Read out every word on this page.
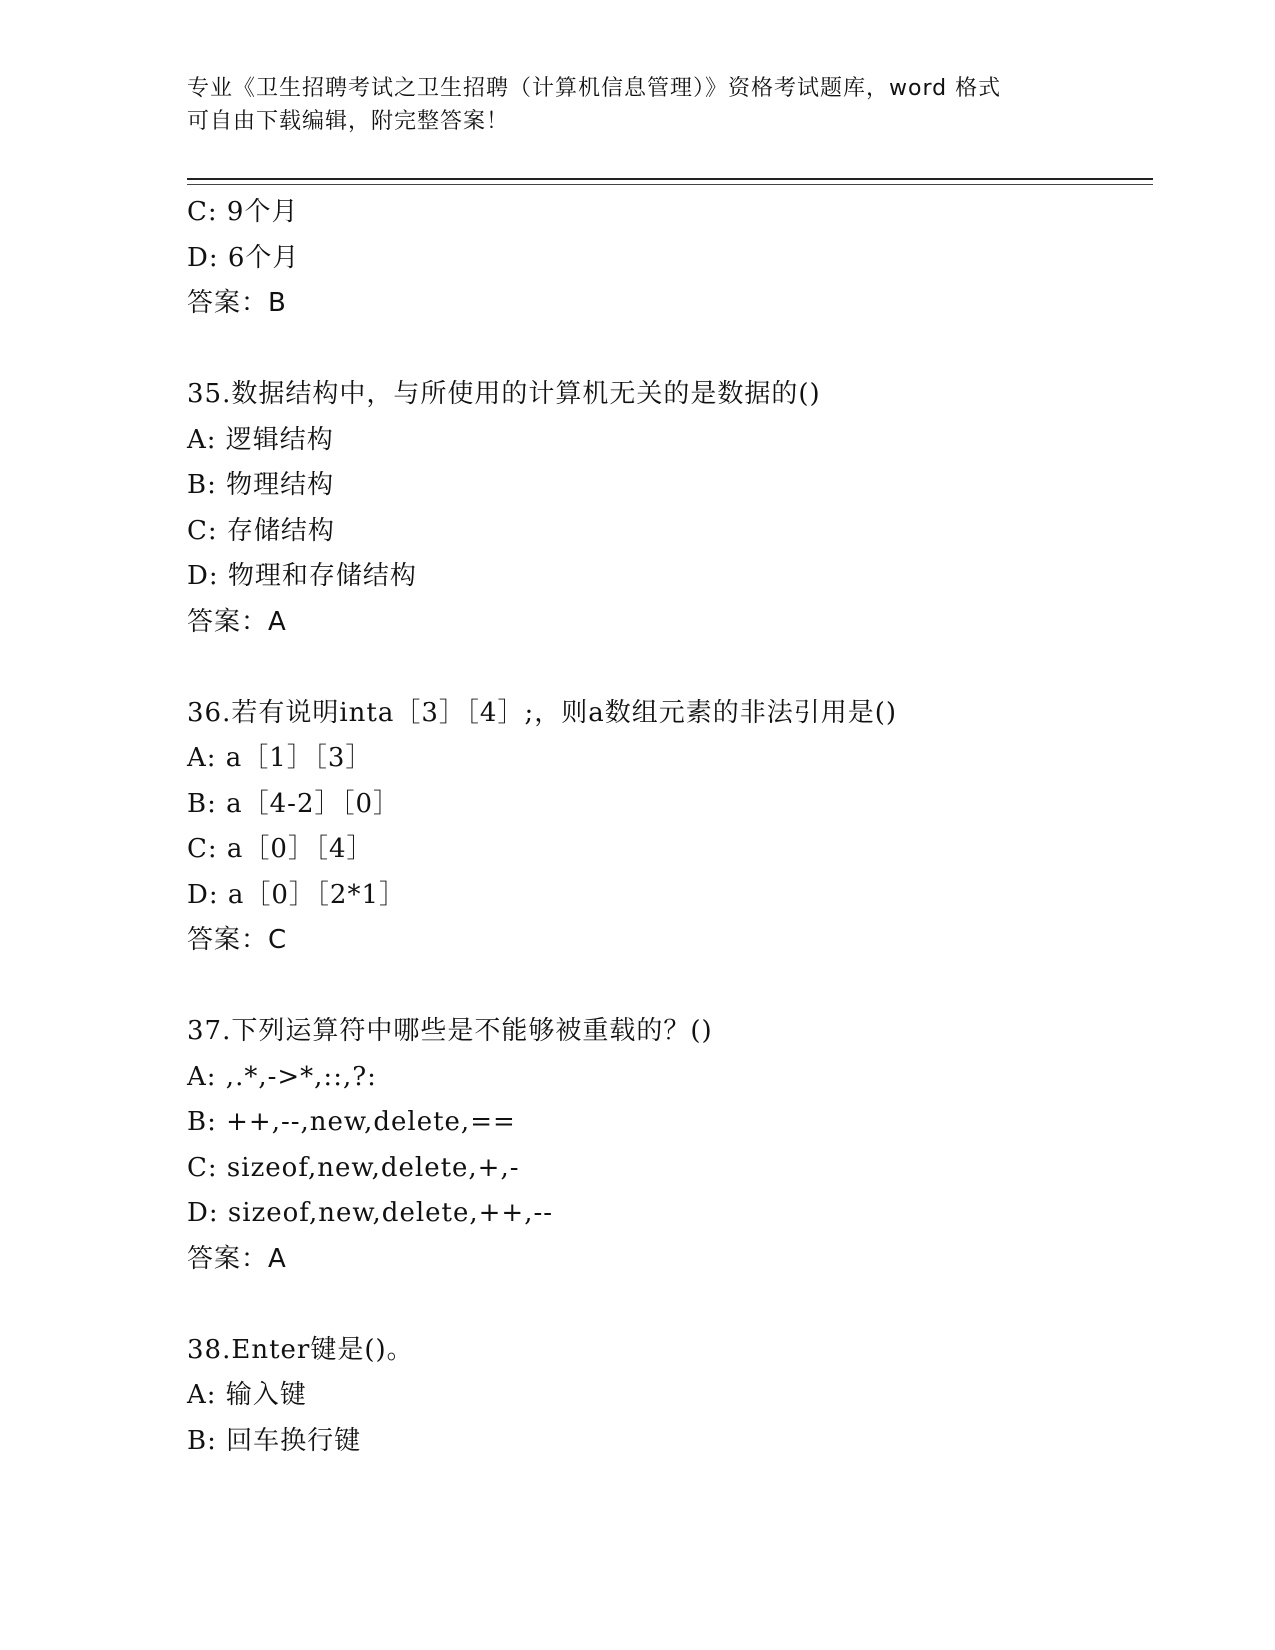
专业《卫生招聘考试之卫生招聘（计算机信息管理）》资格考试题库，word 格式
可自由下载编辑，附完整答案！
C: 9个月
D: 6个月
答案：B
35.数据结构中，与所使用的计算机无关的是数据的()
A: 逻辑结构
B: 物理结构
C: 存储结构
D: 物理和存储结构
答案：A
36.若有说明inta［3］［4］;，则a数组元素的非法引用是()
A: a［1］［3］
B: a［4-2］［0］
C: a［0］［4］
D: a［0］［2*1］
答案：C
37.下列运算符中哪些是不能够被重载的？()
A: ,.*,->*,::,?:
B: ++,--,new,delete,==
C: sizeof,new,delete,+,-
D: sizeof,new,delete,++,--
答案：A
38.Enter键是()。
A: 输入键
B: 回车换行键
